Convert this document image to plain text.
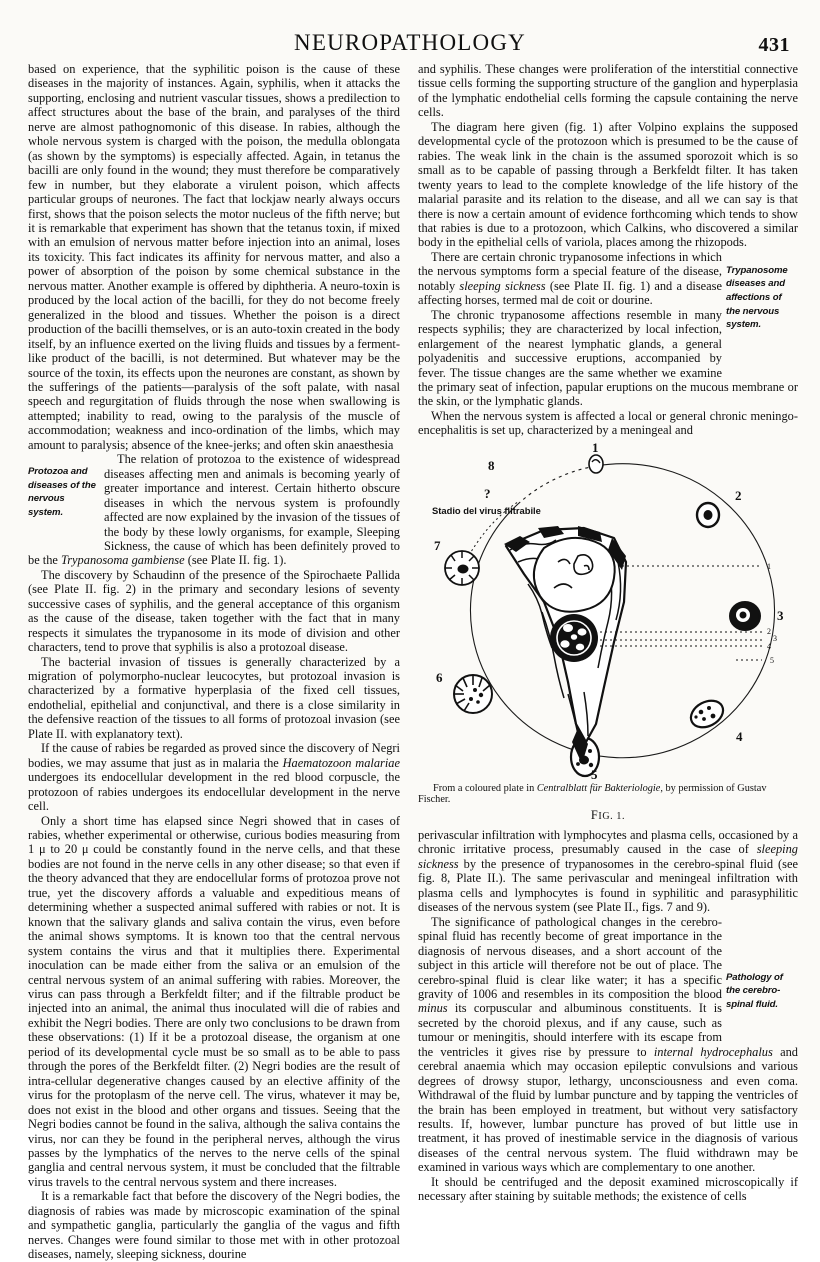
NEUROPATHOLOGY	431

based on experience, that the syphilitic poison is the cause of these diseases in the majority of instances. Again, syphilis, when it attacks the supporting, enclosing and nutrient vascular tissues, shows a predilection to affect structures about the base of the brain, and paralyses of the third nerve are almost pathognomonic of this disease. In rabies, although the whole nervous system is charged with the poison, the medulla oblongata (as shown by the symptoms) is especially affected. Again, in tetanus the bacilli are only found in the wound; they must therefore be comparatively few in number, but they elaborate a virulent poison, which affects particular groups of neurones. The fact that lockjaw nearly always occurs first, shows that the poison selects the motor nucleus of the fifth nerve; but it is remarkable that experiment has shown that the tetanus toxin, if mixed with an emulsion of nervous matter before injection into an animal, loses its toxicity. This fact indicates its affinity for nervous matter, and also a power of absorption of the poison by some chemical substance in the nervous matter. Another example is offered by diphtheria. A neuro-toxin is produced by the local action of the bacilli, for they do not become freely generalized in the blood and tissues. Whether the poison is a direct production of the bacilli themselves, or is an auto-toxin created in the body itself, by an influence exerted on the living fluids and tissues by a ferment-like product of the bacilli, is not determined. But whatever may be the source of the toxin, its effects upon the neurones are constant, as shown by the sufferings of the patients—paralysis of the soft palate, with nasal speech and regurgitation of fluids through the nose when swallowing is attempted; inability to read, owing to the paralysis of the muscle of accommodation; weakness and inco-ordination of the limbs, which may amount to paralysis; absence of the knee-jerks; and often skin anaesthesia

Protozoa and diseases of the nervous system.

The relation of protozoa to the existence of widespread diseases affecting men and animals is becoming yearly of greater importance and interest. Certain hitherto obscure diseases in which the nervous system is profoundly affected are now explained by the invasion of the tissues of the body by these lowly organisms, for example, Sleeping Sickness, the cause of which has been definitely proved to be the Trypanosoma gambiense (see Plate II. fig. 1).

The discovery by Schaudinn of the presence of the Spirochaete Pallida (see Plate II. fig. 2) in the primary and secondary lesions of seventy successive cases of syphilis, and the general acceptance of this organism as the cause of the disease, taken together with the fact that in many respects it simulates the trypanosome in its mode of division and other characters, tend to prove that syphilis is also a protozoal disease.

The bacterial invasion of tissues is generally characterized by a migration of polymorpho-nuclear leucocytes, but protozoal invasion is characterized by a formative hyperplasia of the fixed cell tissues, endothelial, epithelial and conjunctival, and there is a close similarity in the defensive reaction of the tissues to all forms of protozoal invasion (see Plate II. with explanatory text).

If the cause of rabies be regarded as proved since the discovery of Negri bodies, we may assume that just as in malaria the Haematozoon malariae undergoes its endocellular development in the red blood corpuscle, the protozoon of rabies undergoes its endocellular development in the nerve cell.

Only a short time has elapsed since Negri showed that in cases of rabies, whether experimental or otherwise, curious bodies measuring from 1 μ to 20 μ could be constantly found in the nerve cells, and that these bodies are not found in the nerve cells in any other disease; so that even if the theory advanced that they are endocellular forms of protozoa prove not true, yet the discovery affords a valuable and expeditious means of determining whether a suspected animal suffered with rabies or not. It is known that the salivary glands and saliva contain the virus, even before the animal shows symptoms. It is known too that the central nervous system contains the virus and that it multiplies there. Experimental inoculation can be made either from the saliva or an emulsion of the central nervous system of an animal suffering with rabies. Moreover, the virus can pass through a Berkfeldt filter; and if the filtrable product be injected into an animal, the animal thus inoculated will die of rabies and exhibit the Negri bodies. There are only two conclusions to be drawn from these observations: (1) If it be a protozoal disease, the organism at one period of its developmental cycle must be so small as to be able to pass through the pores of the Berkfeldt filter. (2) Negri bodies are the result of intra-cellular degenerative changes caused by an elective affinity of the virus for the protoplasm of the nerve cell. The virus, whatever it may be, does not exist in the blood and other organs and tissues. Seeing that the Negri bodies cannot be found in the saliva, although the saliva contains the virus, nor can they be found in the peripheral nerves, although the virus passes by the lymphatics of the nerves to the nerve cells of the spinal ganglia and central nervous system, it must be concluded that the filtrable virus travels to the central nervous system and there increases.

It is a remarkable fact that before the discovery of the Negri bodies, the diagnosis of rabies was made by microscopic examination of the spinal and sympathetic ganglia, particularly the ganglia of the vagus and fifth nerves. Changes were found similar to those met with in other protozoal diseases, namely, sleeping sickness, dourine

and syphilis. These changes were proliferation of the interstitial connective tissue cells forming the supporting structure of the ganglion and hyperplasia of the lymphatic endothelial cells forming the capsule containing the nerve cells.

The diagram here given (fig. 1) after Volpino explains the supposed developmental cycle of the protozoon which is presumed to be the cause of rabies. The weak link in the chain is the assumed sporozoit which is so small as to be capable of passing through a Berkfeldt filter. It has taken twenty years to lead to the complete knowledge of the life history of the malarial parasite and its relation to the disease, and all we can say is that there is now a certain amount of evidence forthcoming which tends to show that rabies is due to a protozoon, which Calkins, who discovered a similar body in the epithelial cells of variola, places among the rhizopods.

Trypanosome diseases and affections of the nervous system.

There are certain chronic trypanosome infections in which the nervous symptoms form a special feature of the disease, notably sleeping sickness (see Plate II. fig. 1) and a disease affecting horses, termed mal de coit or dourine.

The chronic trypanosome affections resemble in many respects syphilis; they are characterized by local infection, enlargement of the nearest lymphatic glands, a general polyadenitis and successive eruptions, accompanied by fever. The tissue changes are the same whether we examine the primary seat of infection, papular eruptions on the mucous membrane or the skin, or the lymphatic glands.

When the nervous system is affected a local or general chronic meningo-encephalitis is set up, characterized by a meningeal and

1
2
3
4
5
6
7
8
?
Stadio del virus filtrabile
1
2
3
4
5

From a coloured plate in Centralblatt für Bakteriologie, by permission of Gustav Fischer.

FIG. 1.

perivascular infiltration with lymphocytes and plasma cells, occasioned by a chronic irritative process, presumably caused in the case of sleeping sickness by the presence of trypanosomes in the cerebro-spinal fluid (see fig. 8, Plate II.). The same perivascular and meningeal infiltration with plasma cells and lymphocytes is found in syphilitic and parasyphilitic diseases of the nervous system (see Plate II., figs. 7 and 9).

Pathology of the cerebro-spinal fluid.

The significance of pathological changes in the cerebro-spinal fluid has recently become of great importance in the diagnosis of nervous diseases, and a short account of the subject in this article will therefore not be out of place. The cerebro-spinal fluid is clear like water; it has a specific gravity of 1006 and resembles in its composition the blood minus its corpuscular and albuminous constituents. It is secreted by the choroid plexus, and if any cause, such as tumour or meningitis, should interfere with its escape from the ventricles it gives rise by pressure to internal hydrocephalus and cerebral anaemia which may occasion epileptic convulsions and various degrees of drowsy stupor, lethargy, unconsciousness and even coma. Withdrawal of the fluid by lumbar puncture and by tapping the ventricles of the brain has been employed in treatment, but without very satisfactory results. If, however, lumbar puncture has proved of but little use in treatment, it has proved of inestimable service in the diagnosis of various diseases of the central nervous system. The fluid withdrawn may be examined in various ways which are complementary to one another.

It should be centrifuged and the deposit examined microscopically if necessary after staining by suitable methods; the existence of cells
